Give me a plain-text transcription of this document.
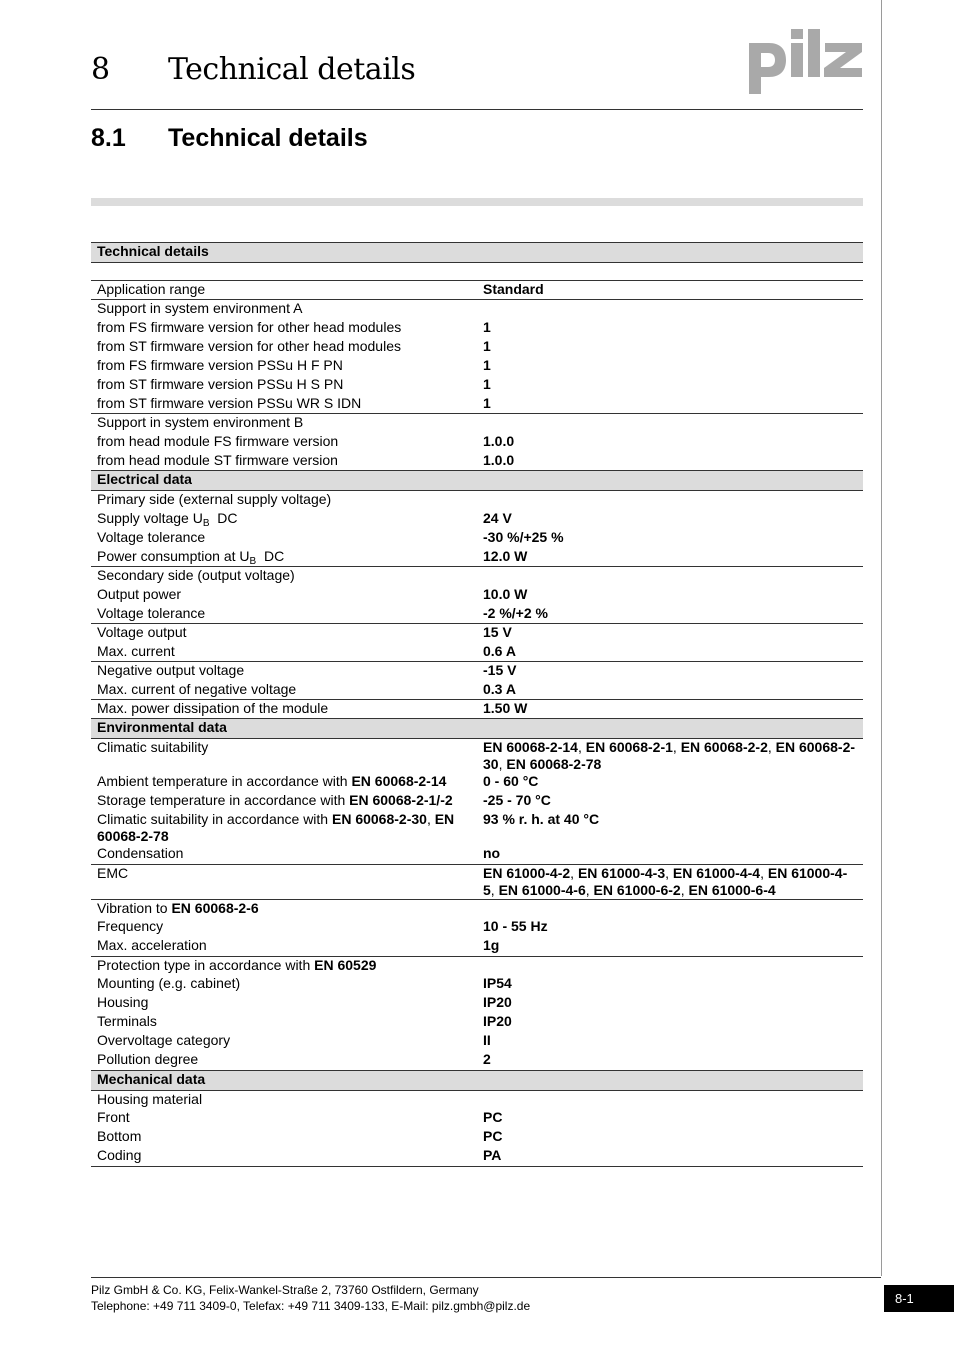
8 Technical details
8.1 Technical details
Technical details	

Application range	Standard
Support in system environment A	
from FS firmware version for other head modules	1
from ST firmware version for other head modules	1
from FS firmware version PSSu H F PN	1
from ST firmware version PSSu H S PN	1
from ST firmware version PSSu WR S IDN	1
Support in system environment B	
from head module FS firmware version	1.0.0
from head module ST firmware version	1.0.0
Electrical data	
Primary side (external supply voltage)	
Supply voltage $U_B$  DC	24 V
Voltage tolerance	-30 %/+25 %
Power consumption at $U_B$  DC	12.0 W
Secondary side (output voltage)	
Output power	10.0 W
Voltage tolerance	-2 %/+2 %
Voltage output	15 V
Max. current	0.6 A
Negative output voltage	-15 V
Max. current of negative voltage	0.3 A
Max. power dissipation of the module	1.50 W
Environmental data	
Climatic suitability	EN 60068-2-14, EN 60068-2-1, EN 60068-2-2, EN 60068-2-30, EN 60068-2-78
Ambient temperature in accordance with EN 60068-2-14	0 - 60 °C
Storage temperature in accordance with EN 60068-2-1/-2	-25 - 70 °C
Climatic suitability in accordance with EN 60068-2-30, EN 60068-2-78	93 % r. h. at 40 °C
Condensation	no
EMC	EN 61000-4-2, EN 61000-4-3, EN 61000-4-4, EN 61000-4-5, EN 61000-4-6, EN 61000-6-2, EN 61000-6-4
Vibration to EN 60068-2-6	
Frequency	10 - 55 Hz
Max. acceleration	1g
Protection type in accordance with EN 60529	
Mounting (e.g. cabinet)	IP54
Housing	IP20
Terminals	IP20
Overvoltage category	II
Pollution degree	2
Mechanical data	
Housing material	
Front	PC
Bottom	PC
Coding	PA
Pilz GmbH & Co. KG, Felix-Wankel-Straße 2, 73760 Ostfildern, Germany
Telephone: +49 711 3409-0, Telefax: +49 711 3409-133, E-Mail: pilz.gmbh@pilz.de	8-1
